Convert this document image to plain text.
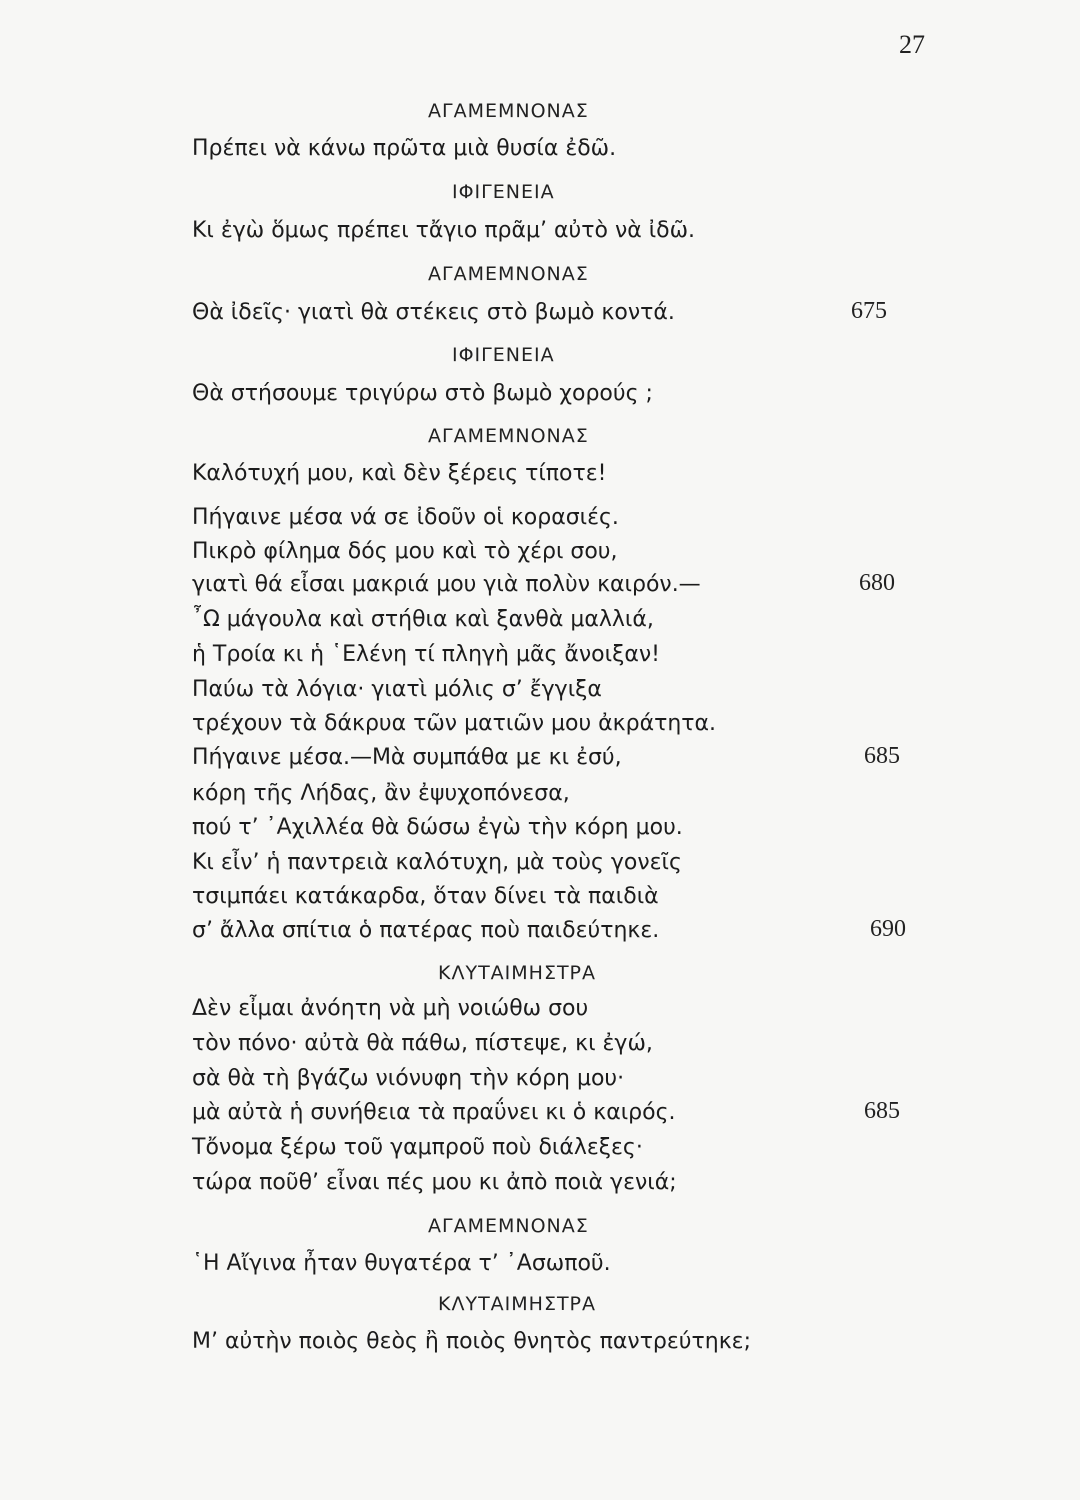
27
ΑΓΑΜΕΜΝΟΝΑΣ
Πρέπει νὰ κάνω πρῶτα μιὰ θυσία ἐδῶ.
ΙΦΙΓΕΝΕΙΑ
Κι ἐγὼ ὅμως πρέπει τἄγιο πρᾶμ’ αὐτὸ νὰ ἰδῶ.
ΑΓΑΜΕΜΝΟΝΑΣ
Θὰ ἰδεῖς· γιατὶ θὰ στέκεις στὸ βωμὸ κοντά.	675
ΙΦΙΓΕΝΕΙΑ
Θὰ στήσουμε τριγύρω στὸ βωμὸ χορούς ;
ΑΓΑΜΕΜΝΟΝΑΣ
Καλότυχή μου, καὶ δὲν ξέρεις τίποτε!
Πήγαινε μέσα νά σε ἰδοῦν οἱ κορασιές.
Πικρὸ φίλημα δός μου καὶ τὸ χέρι σου,
γιατὶ θά εἶσαι μακριά μου γιὰ πολὺν καιρόν.—	680
῏Ω μάγουλα καὶ στήθια καὶ ξανθὰ μαλλιά,
ἡ Τροία κι ἡ ῾Ελένη τί πληγὴ μᾶς ἄνοιξαν!
Παύω τὰ λόγια· γιατὶ μόλις σ’ ἔγγιξα
τρέχουν τὰ δάκρυα τῶν ματιῶν μου ἀκράτητα.
Πήγαινε μέσα.—Μὰ συμπάθα με κι ἐσύ,	685
κόρη τῆς Λήδας, ἂν ἐψυχοπόνεσα,
πού τ’ ᾿Αχιλλέα θὰ δώσω ἐγὼ τὴν κόρη μου.
Κι εἶν’ ἡ παντρειὰ καλότυχη, μὰ τοὺς γονεῖς
τσιμπάει κατάκαρδα, ὅταν δίνει τὰ παιδιὰ
σ’ ἄλλα σπίτια ὁ πατέρας ποὺ παιδεύτηκε.	690
ΚΛΥΤΑΙΜΗΣΤΡΑ
Δὲν εἶμαι ἀνόητη νὰ μὴ νοιώθω σου
τὸν πόνο· αὐτὰ θὰ πάθω, πίστεψε, κι ἐγώ,
σὰ θὰ τὴ βγάζω νιόνυφη τὴν κόρη μου·
μὰ αὐτὰ ἡ συνήθεια τὰ πραΰνει κι ὁ καιρός.	685
Τὄνομα ξέρω τοῦ γαμπροῦ ποὺ διάλεξες·
τώρα ποῦθ’ εἶναι πές μου κι ἀπὸ ποιὰ γενιά;
ΑΓΑΜΕΜΝΟΝΑΣ
῾Η Αἴγινα ἦταν θυγατέρα τ’ ᾿Ασωποῦ.
ΚΛΥΤΑΙΜΗΣΤΡΑ
Μ’ αὐτὴν ποιὸς θεὸς ἢ ποιὸς θνητὸς παντρεύτηκε;
